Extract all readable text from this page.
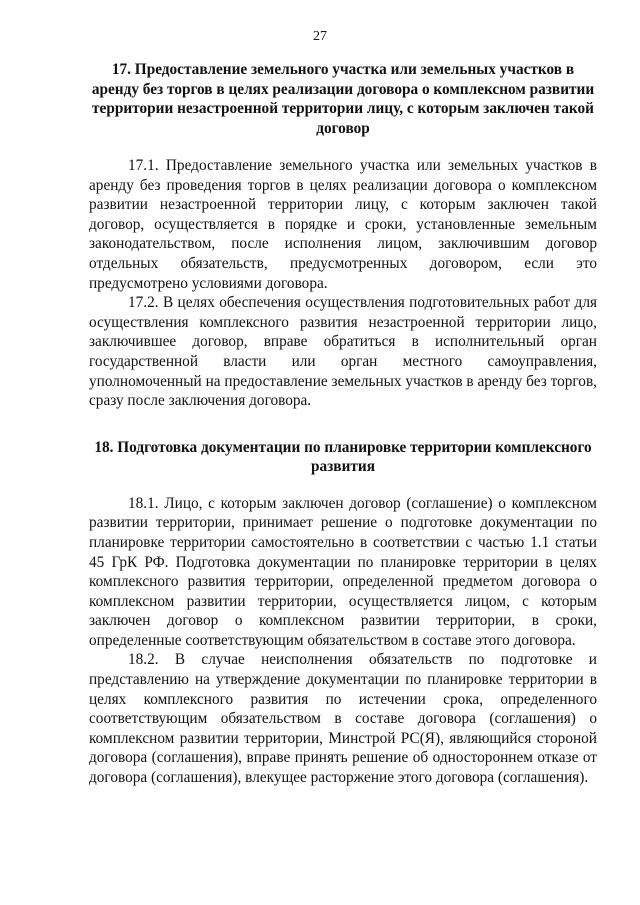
27
17. Предоставление земельного участка или земельных участков в аренду без торгов в целях реализации договора о комплексном развитии территории незастроенной территории лицу, с которым заключен такой договор

17.1. Предоставление земельного участка или земельных участков в аренду без проведения торгов в целях реализации договора о комплексном развитии незастроенной территории лицу, с которым заключен такой договор, осуществляется в порядке и сроки, установленные земельным законодательством, после исполнения лицом, заключившим договор отдельных обязательств, предусмотренных договором, если это предусмотрено условиями договора.

17.2. В целях обеспечения осуществления подготовительных работ для осуществления комплексного развития незастроенной территории лицо, заключившее договор, вправе обратиться в исполнительный орган государственной власти или орган местного самоуправления, уполномоченный на предоставление земельных участков в аренду без торгов, сразу после заключения договора.

18. Подготовка документации по планировке территории комплексного развития

18.1. Лицо, с которым заключен договор (соглашение) о комплексном развитии территории, принимает решение о подготовке документации по планировке территории самостоятельно в соответствии с частью 1.1 статьи 45 ГрК РФ. Подготовка документации по планировке территории в целях комплексного развития территории, определенной предметом договора о комплексном развитии территории, осуществляется лицом, с которым заключен договор о комплексном развитии территории, в сроки, определенные соответствующим обязательством в составе этого договора.

18.2. В случае неисполнения обязательств по подготовке и представлению на утверждение документации по планировке территории в целях комплексного развития по истечении срока, определенного соответствующим обязательством в составе договора (соглашения) о комплексном развитии территории, Минстрой РС(Я), являющийся стороной договора (соглашения), вправе принять решение об одностороннем отказе от договора (соглашения), влекущее расторжение этого договора (соглашения).
